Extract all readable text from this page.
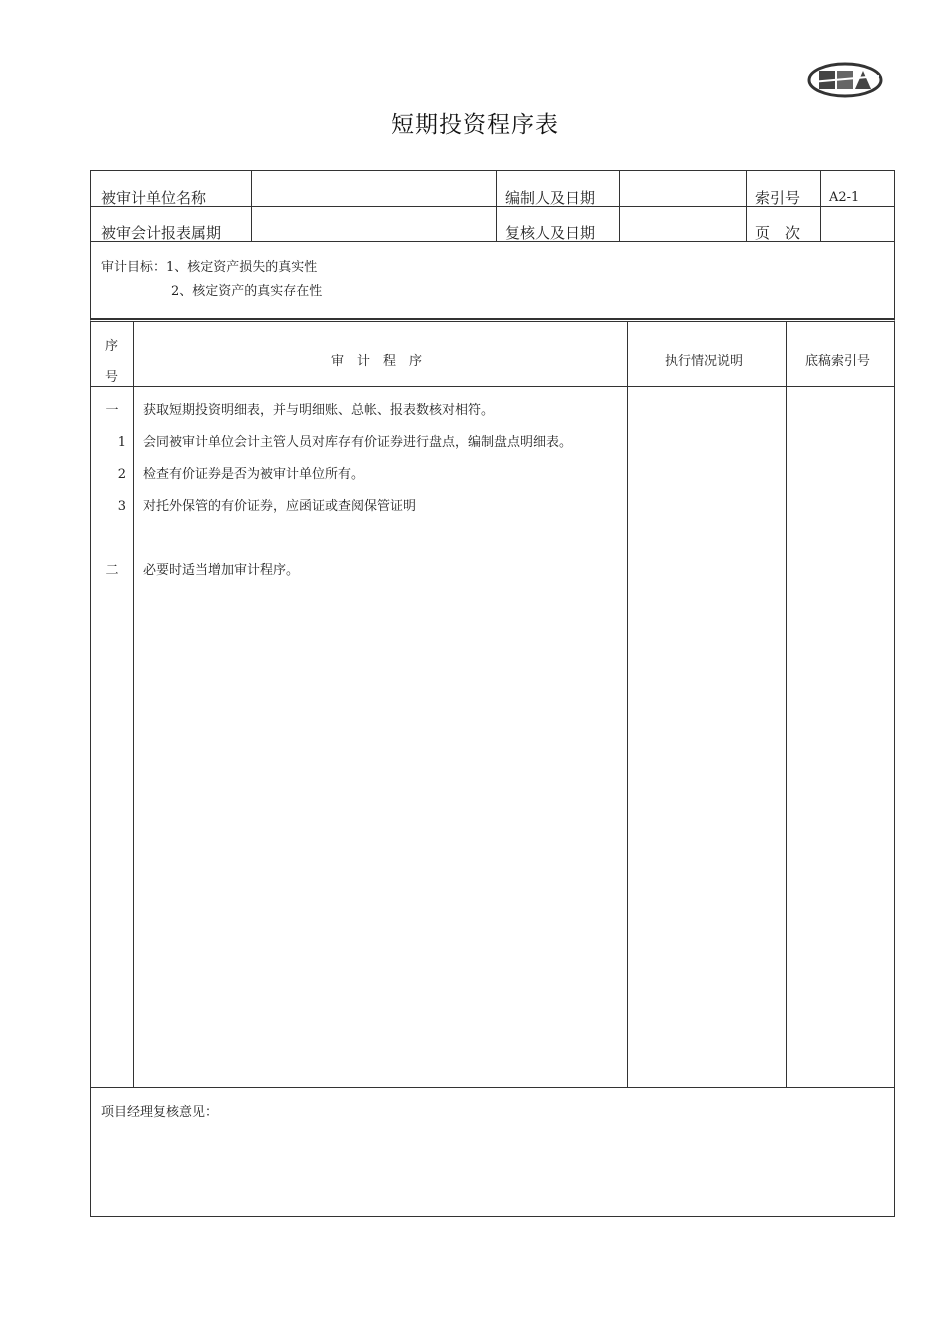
短期投资程序表
被审计单位名称	编制人及日期	索引号 A2-1
被审会计报表属期	复核人及日期	页　次
审计目标：1、核定资产损失的真实性
2、核定资产的真实存在性
序
号
审　计　程　序	执行情况说明	底稿索引号
一	获取短期投资明细表，并与明细账、总帐、报表数核对相符。
1 会同被审计单位会计主管人员对库存有价证券进行盘点，编制盘点明细表。
2 检查有价证券是否为被审计单位所有。
3 对托外保管的有价证券，应函证或查阅保管证明
二	必要时适当增加审计程序。
项目经理复核意见：
